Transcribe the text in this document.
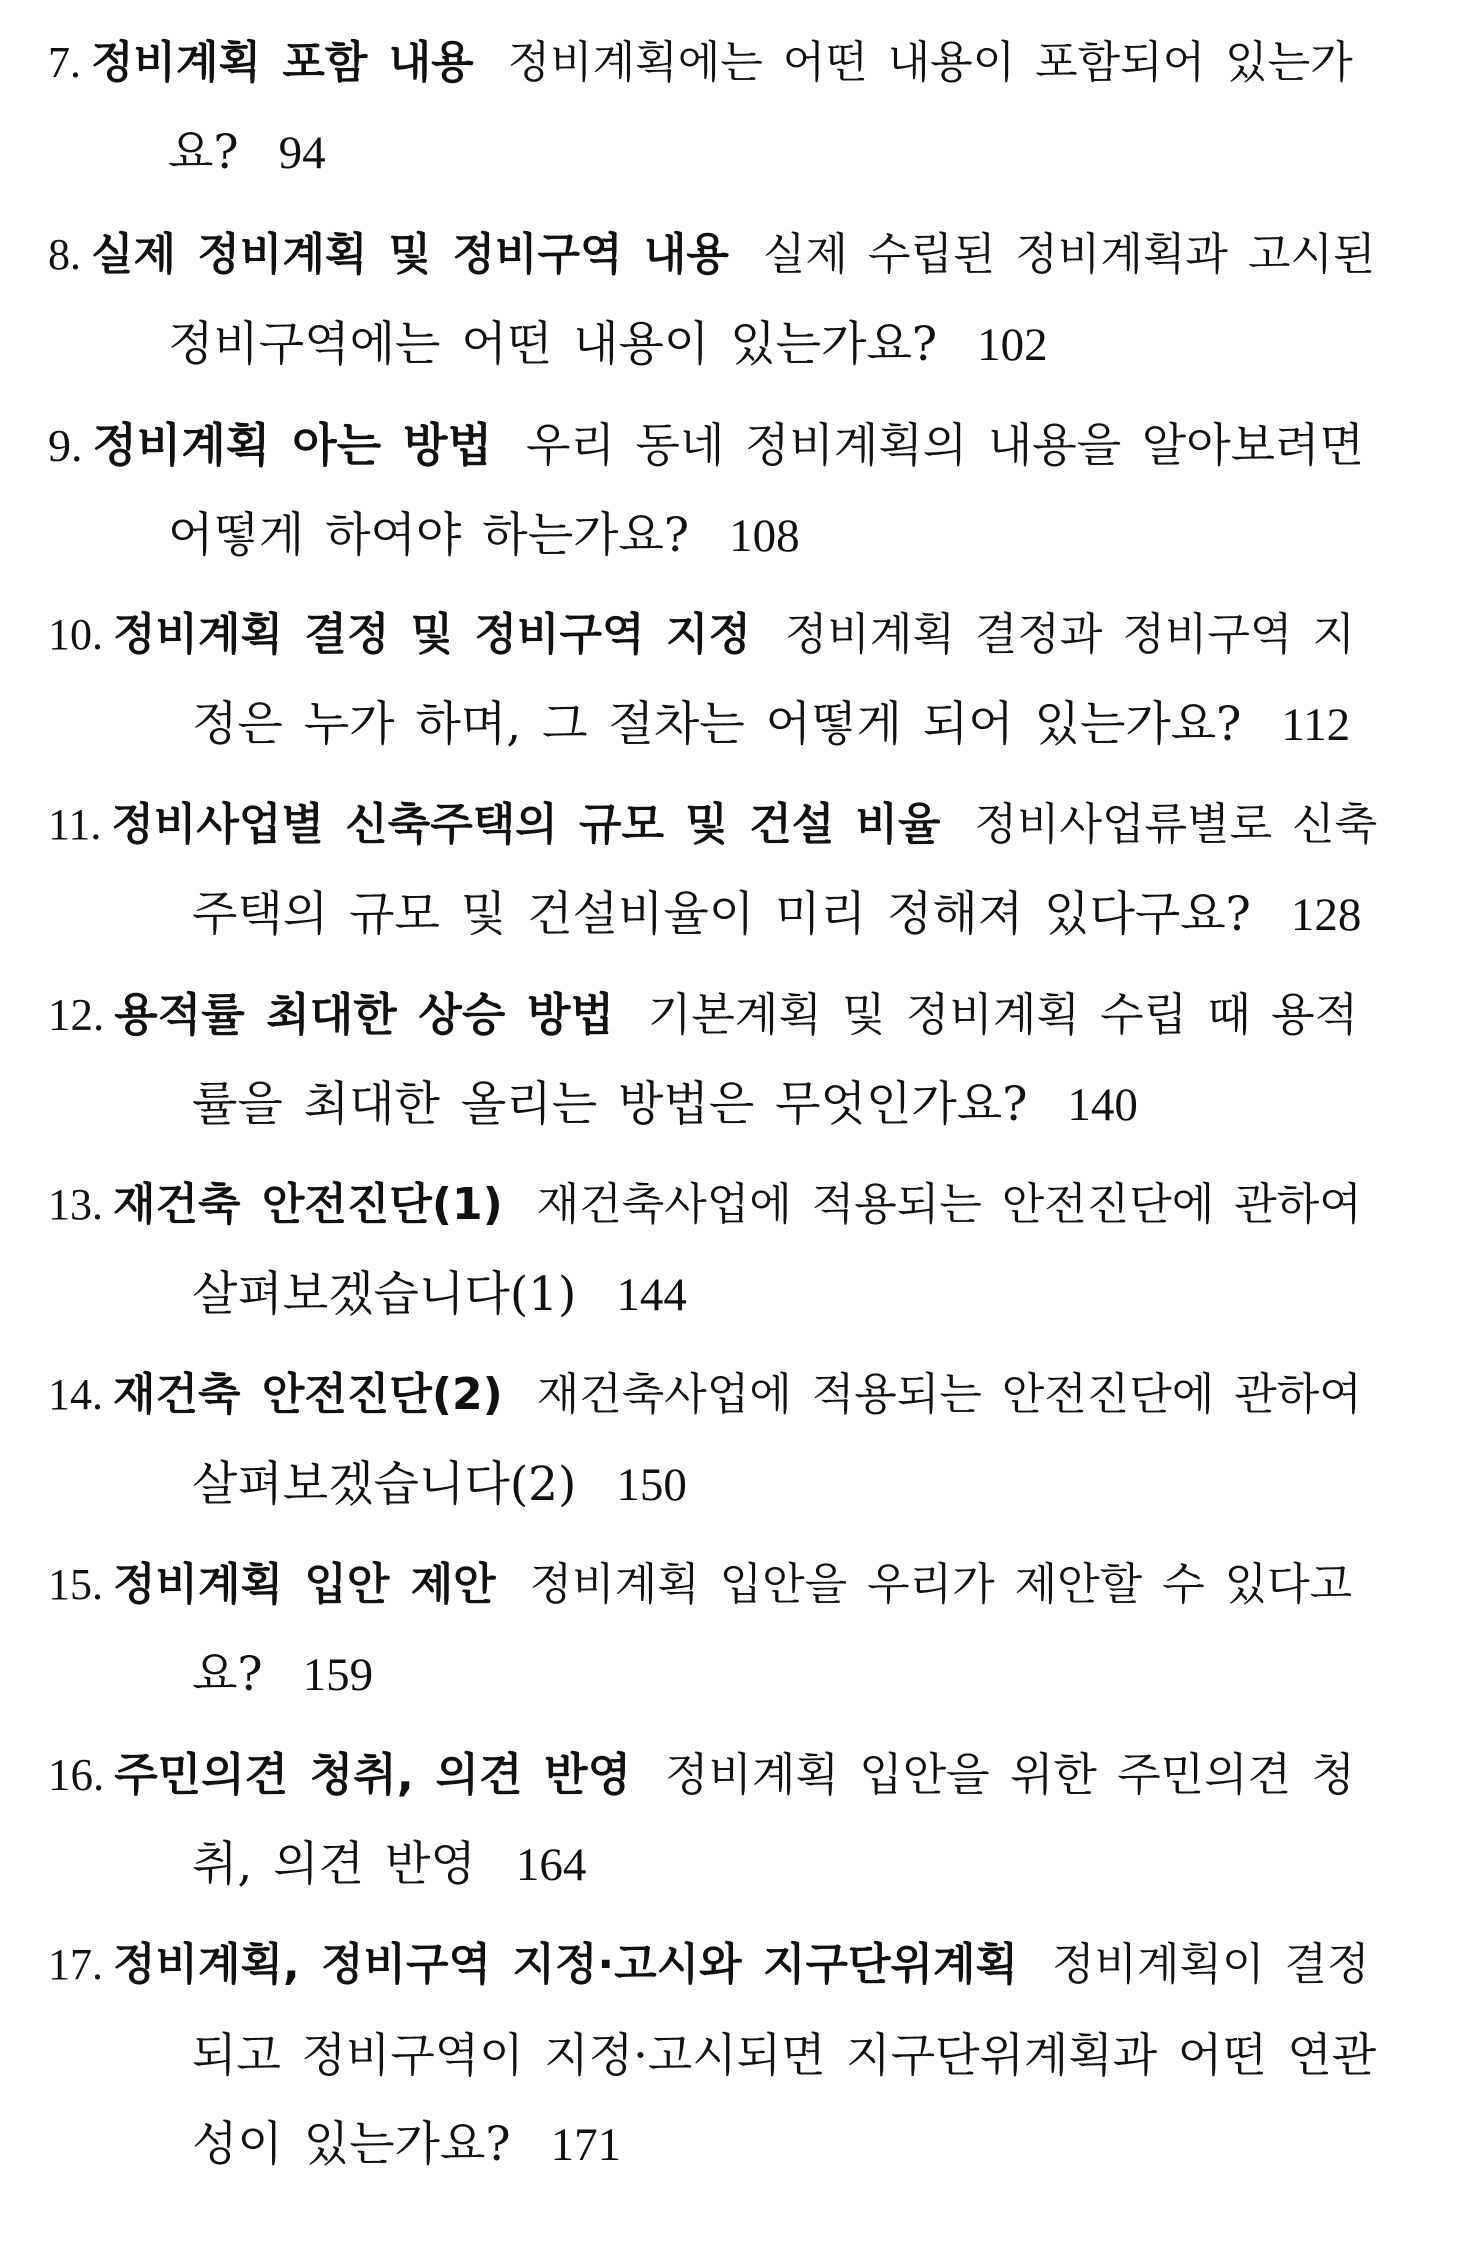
7. 정비계획 포함 내용 정비계획에는 어떤 내용이 포함되어 있는가
요? 94
8. 실제 정비계획 및 정비구역 내용 실제 수립된 정비계획과 고시된
정비구역에는 어떤 내용이 있는가요? 102
9. 정비계획 아는 방법 우리 동네 정비계획의 내용을 알아보려면
어떻게 하여야 하는가요? 108
10. 정비계획 결정 및 정비구역 지정 정비계획 결정과 정비구역 지
정은 누가 하며, 그 절차는 어떻게 되어 있는가요? 112
11. 정비사업별 신축주택의 규모 및 건설 비율 정비사업류별로 신축
주택의 규모 및 건설비율이 미리 정해져 있다구요? 128
12. 용적률 최대한 상승 방법 기본계획 및 정비계획 수립 때 용적
률을 최대한 올리는 방법은 무엇인가요? 140
13. 재건축 안전진단(1) 재건축사업에 적용되는 안전진단에 관하여
살펴보겠습니다(1) 144
14. 재건축 안전진단(2) 재건축사업에 적용되는 안전진단에 관하여
살펴보겠습니다(2) 150
15. 정비계획 입안 제안 정비계획 입안을 우리가 제안할 수 있다고
요? 159
16. 주민의견 청취, 의견 반영 정비계획 입안을 위한 주민의견 청
취, 의견 반영 164
17. 정비계획, 정비구역 지정·고시와 지구단위계획 정비계획이 결정
되고 정비구역이 지정·고시되면 지구단위계획과 어떤 연관
성이 있는가요? 171
